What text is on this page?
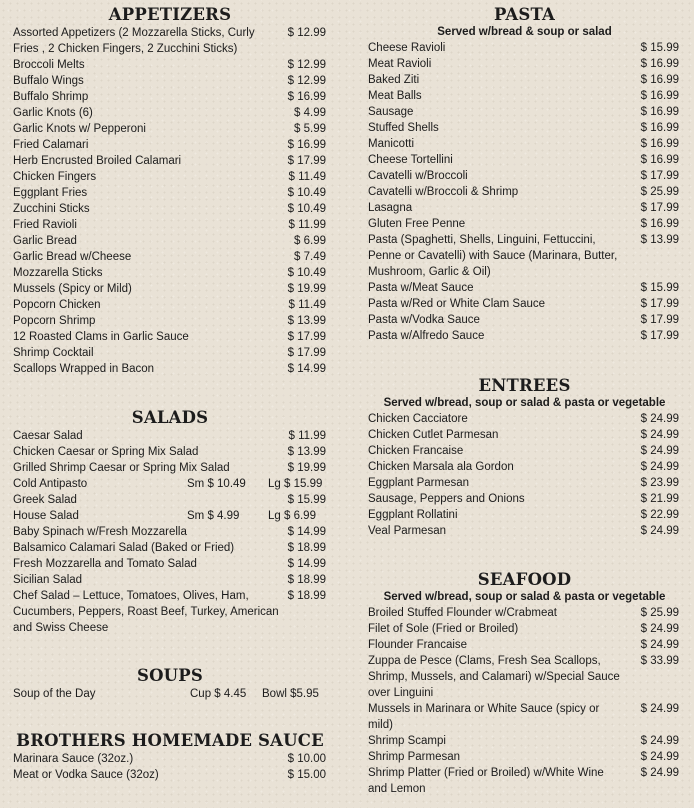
APPETIZERS
Assorted Appetizers (2 Mozzarella Sticks, Curly Fries , 2 Chicken Fingers, 2 Zucchini Sticks)
$ 12.99
Broccoli Melts	$ 12.99
Buffalo Wings	$ 12.99
Buffalo Shrimp	$ 16.99
Garlic Knots (6)	$ 4.99
Garlic Knots w/ Pepperoni	$ 5.99
Fried Calamari	$ 16.99
Herb Encrusted Broiled Calamari	$ 17.99
Chicken Fingers	$ 11.49
Eggplant Fries	$ 10.49
Zucchini Sticks	$ 10.49
Fried Ravioli	$ 11.99
Garlic Bread	$ 6.99
Garlic Bread w/Cheese	$ 7.49
Mozzarella Sticks	$ 10.49
Mussels (Spicy or Mild)	$ 19.99
Popcorn Chicken	$ 11.49
Popcorn Shrimp	$ 13.99
12 Roasted Clams in Garlic Sauce	$ 17.99
Shrimp Cocktail	$ 17.99
Scallops Wrapped in Bacon	$ 14.99
SALADS
Caesar Salad	$ 11.99
Chicken Caesar or Spring Mix Salad	$ 13.99
Grilled Shrimp Caesar or Spring Mix Salad	$ 19.99
Cold Antipasto	Sm $ 10.49 Lg $ 15.99
Greek Salad	$ 15.99
House Salad	Sm $ 4.99 Lg $ 6.99
Baby Spinach w/Fresh Mozzarella	$ 14.99
Balsamico Calamari Salad (Baked or Fried)	$ 18.99
Fresh Mozzarella and Tomato Salad	$ 14.99
Sicilian Salad	$ 18.99
Chef Salad – Lettuce, Tomatoes, Olives, Ham, Cucumbers, Peppers, Roast Beef, Turkey, American and Swiss Cheese
$ 18.99
SOUPS
Soup of the Day	Cup $ 4.45 Bowl $5.95
BROTHERS HOMEMADE SAUCE
Marinara Sauce (32oz.)	$ 10.00
Meat or Vodka Sauce (32oz)	$ 15.00
PASTA
Served w/bread & soup or salad
Cheese Ravioli	$ 15.99
Meat Ravioli	$ 16.99
Baked Ziti	$ 16.99
Meat Balls	$ 16.99
Sausage	$ 16.99
Stuffed Shells	$ 16.99
Manicotti	$ 16.99
Cheese Tortellini	$ 16.99
Cavatelli w/Broccoli	$ 17.99
Cavatelli w/Broccoli & Shrimp	$ 25.99
Lasagna	$ 17.99
Gluten Free Penne	$ 16.99
Pasta (Spaghetti, Shells, Linguini, Fettuccini, Penne or Cavatelli) with Sauce (Marinara, Butter, Mushroom, Garlic & Oil)
$ 13.99
Pasta w/Meat Sauce	$ 15.99
Pasta w/Red or White Clam Sauce	$ 17.99
Pasta w/Vodka Sauce	$ 17.99
Pasta w/Alfredo Sauce	$ 17.99
ENTREES
Served w/bread, soup or salad & pasta or vegetable
Chicken Cacciatore	$ 24.99
Chicken Cutlet Parmesan	$ 24.99
Chicken Francaise	$ 24.99
Chicken Marsala ala Gordon	$ 24.99
Eggplant Parmesan	$ 23.99
Sausage, Peppers and Onions	$ 21.99
Eggplant Rollatini	$ 22.99
Veal Parmesan	$ 24.99
SEAFOOD
Served w/bread, soup or salad & pasta or vegetable
Broiled Stuffed Flounder w/Crabmeat	$ 25.99
Filet of Sole (Fried or Broiled)	$ 24.99
Flounder Francaise	$ 24.99
Zuppa de Pesce (Clams, Fresh Sea Scallops, Shrimp, Mussels, and Calamari) w/Special Sauce over Linguini
$ 33.99
Mussels in Marinara or White Sauce (spicy or mild)
$ 24.99
Shrimp Scampi	$ 24.99
Shrimp Parmesan	$ 24.99
Shrimp Platter (Fried or Broiled) w/White Wine and Lemon
$ 24.99
